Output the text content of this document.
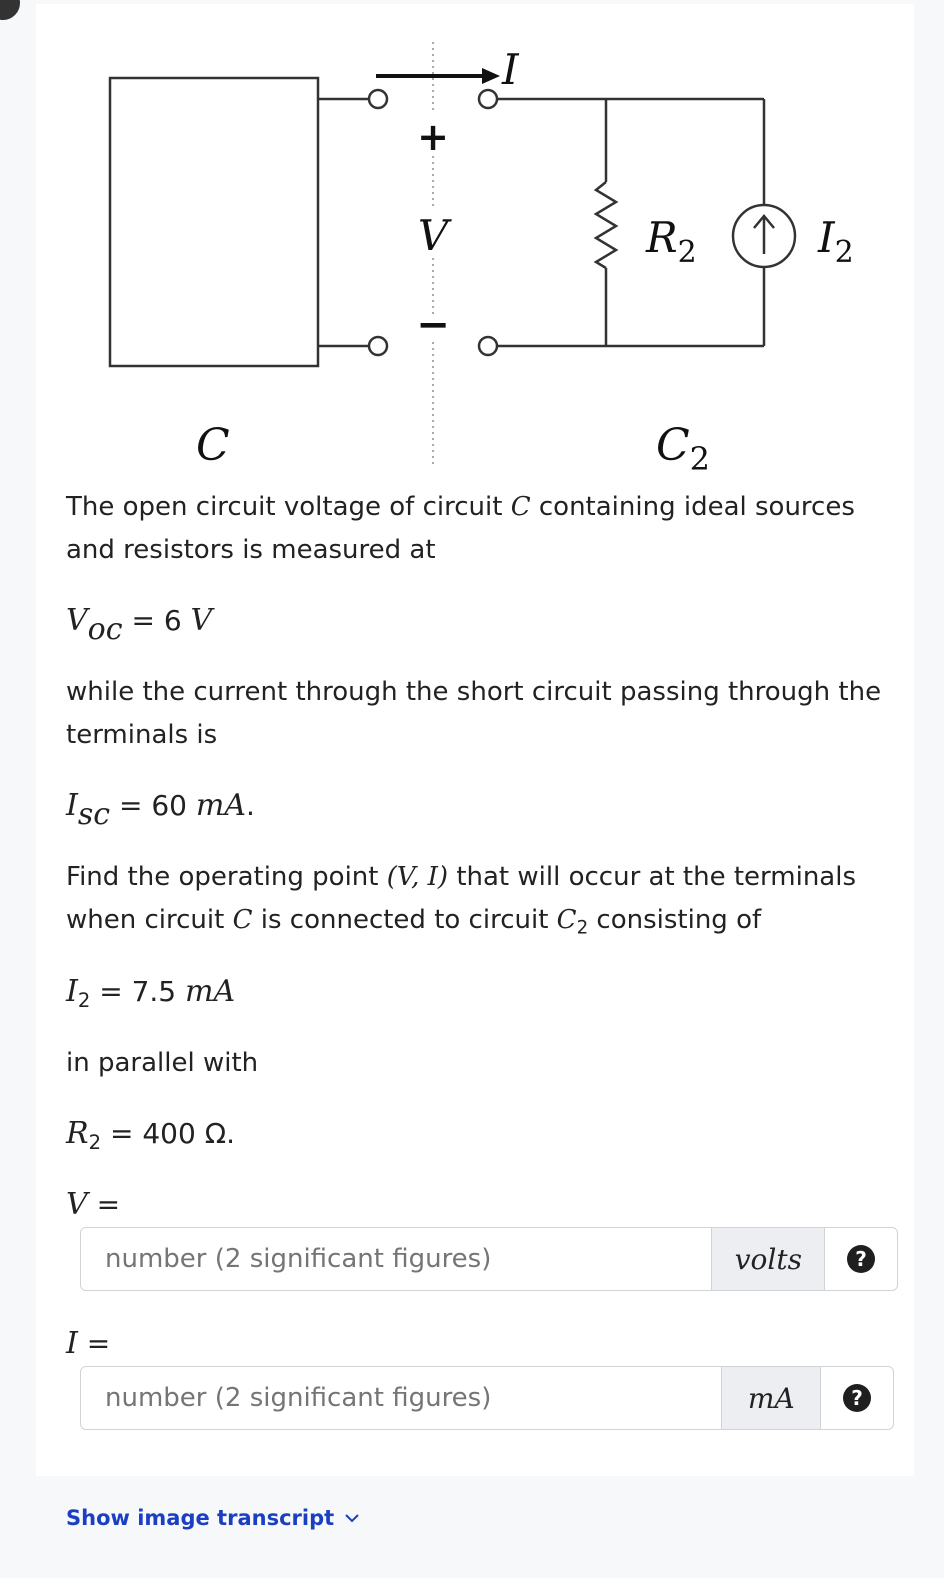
I
+
V
−
$R_2$	$I_2$
C	$C_2$
The open circuit voltage of circuit C containing ideal sources and resistors is measured at
$V_{oc} = 6$ V
while the current through the short circuit passing through the terminals is
$I_{sc} = 60$ mA.
Find the operating point (V, I) that will occur at the terminals when circuit C is connected to circuit $C_2$ consisting of
$I_2 = 7.5$ mA
in parallel with
$R_2 = 400$ Ω.
V =
number (2 significant figures)
volts	?
I =
number (2 significant figures)
mA	?
Show image transcript
